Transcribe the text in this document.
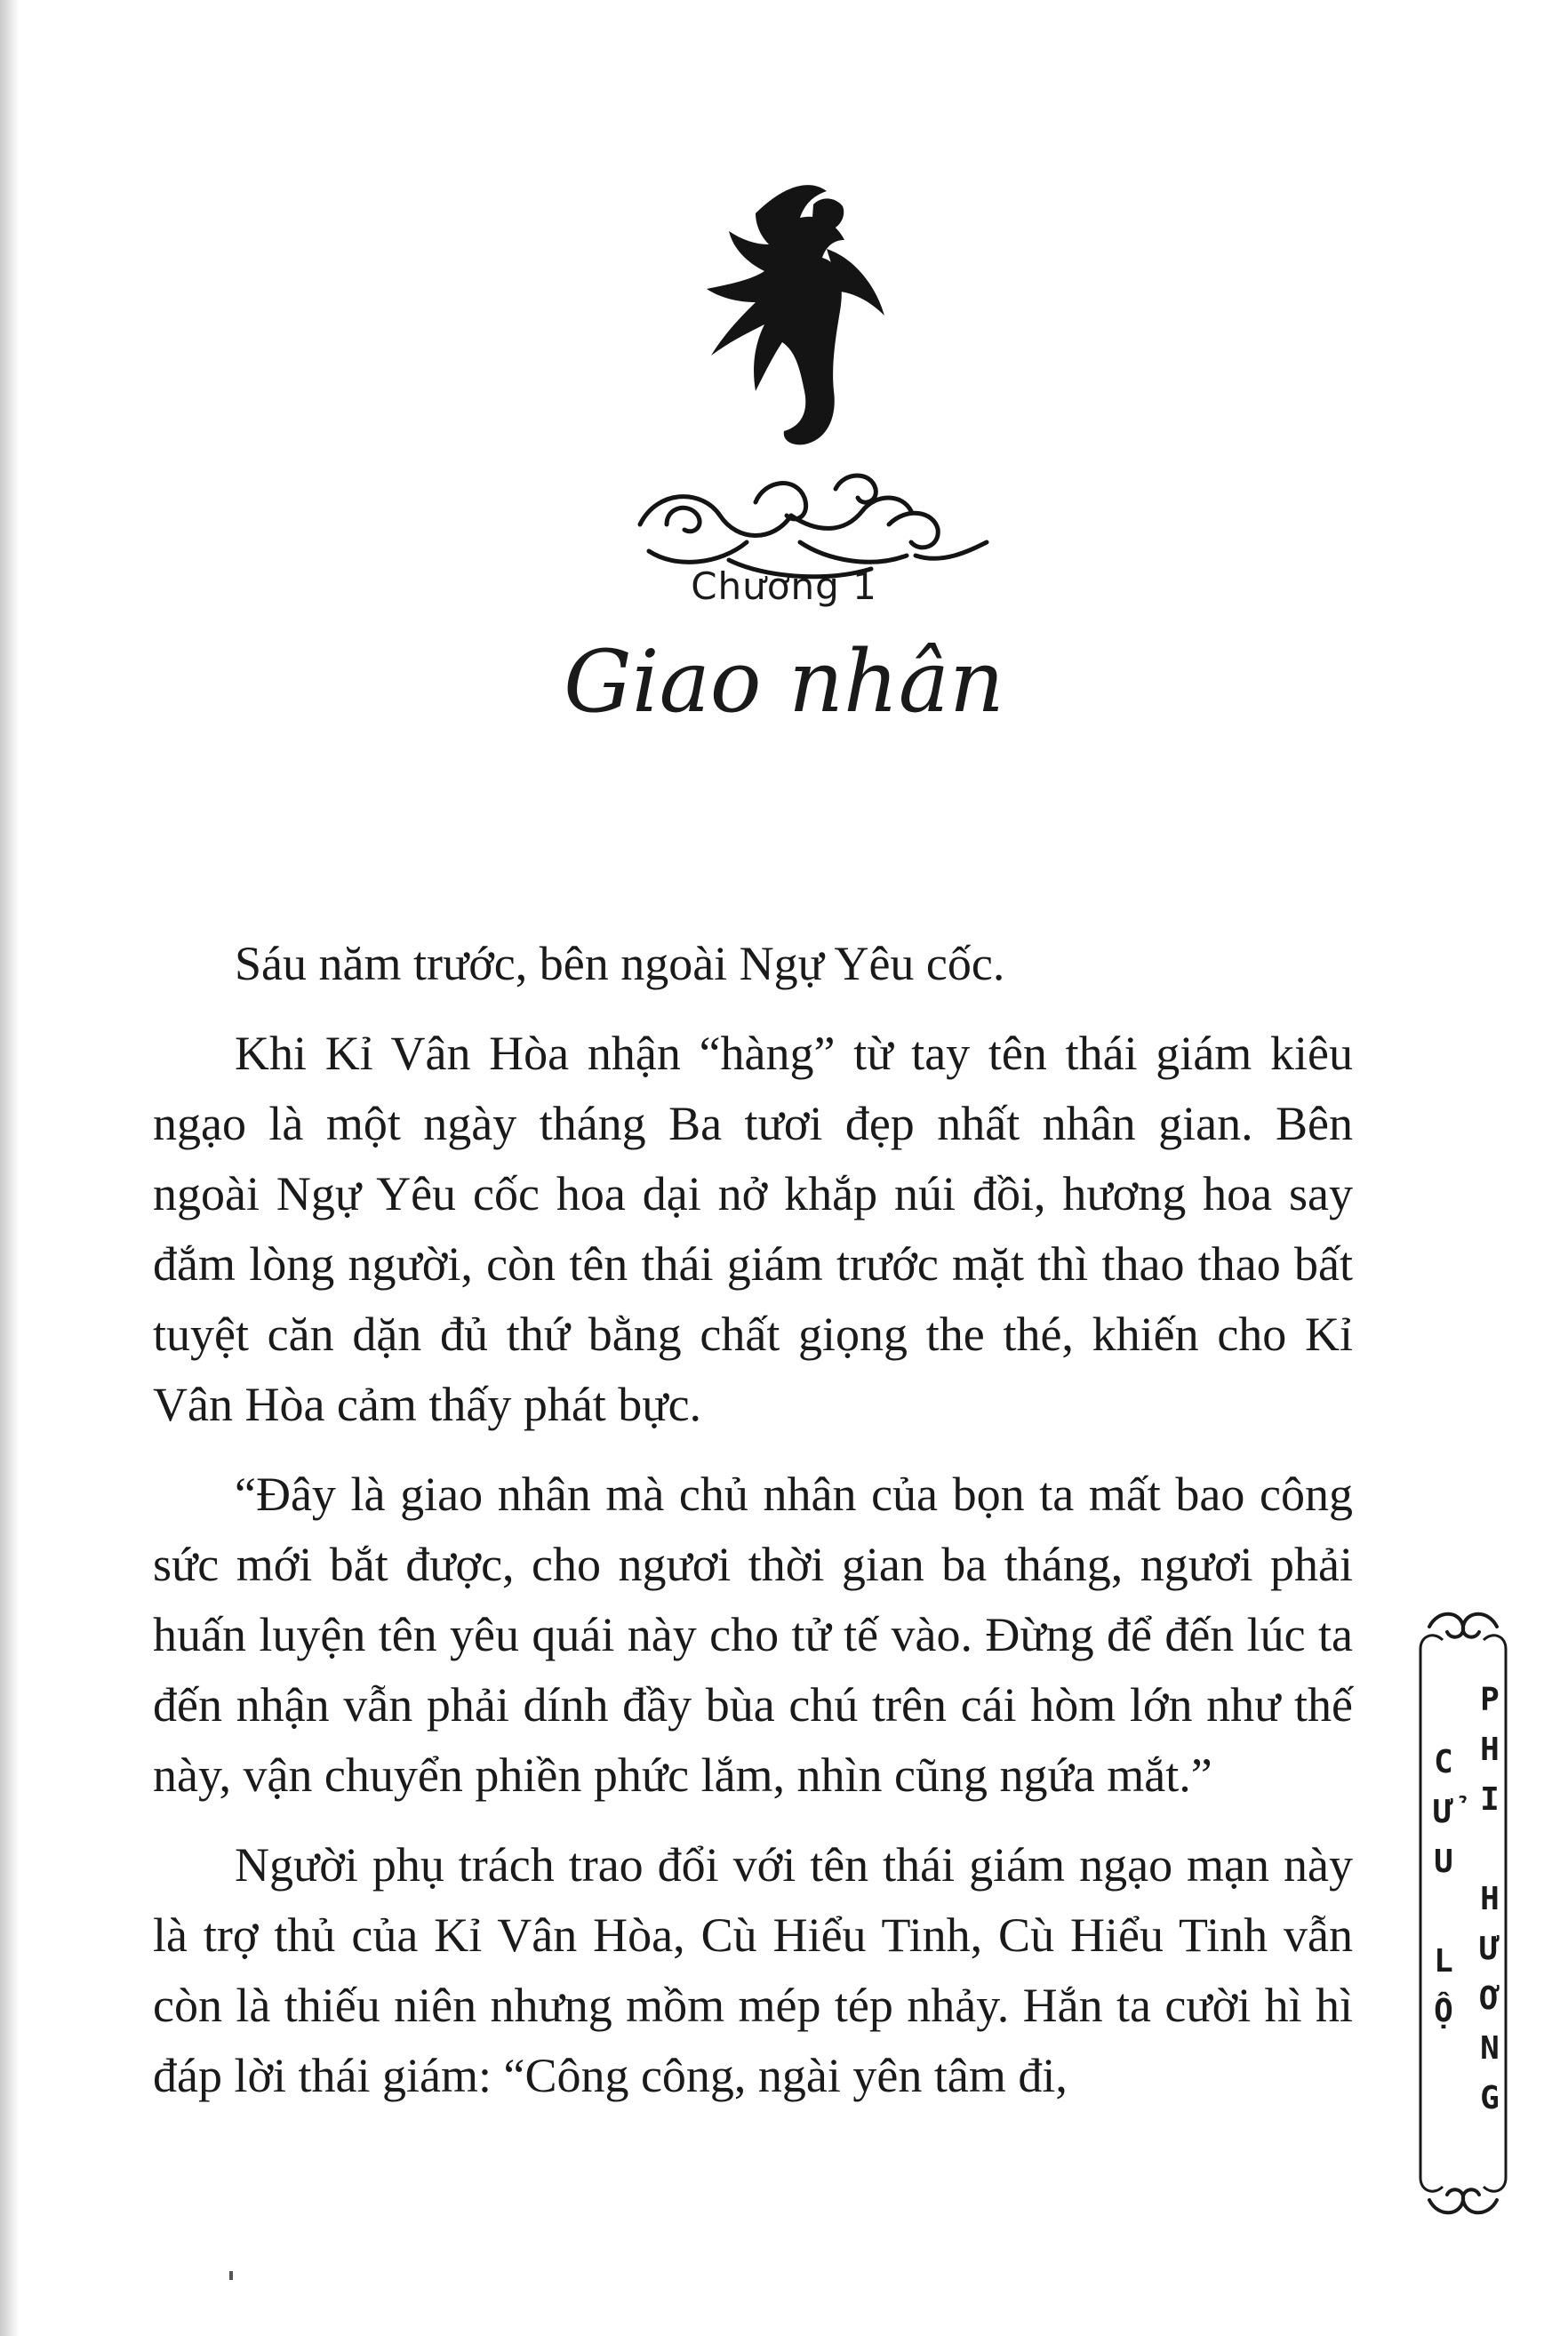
Chương 1
Giao nhân

Sáu năm trước, bên ngoài Ngự Yêu cốc.

Khi Kỉ Vân Hòa nhận “hàng” từ tay tên thái giám kiêu ngạo là một ngày tháng Ba tươi đẹp nhất nhân gian. Bên ngoài Ngự Yêu cốc hoa dại nở khắp núi đồi, hương hoa say đắm lòng người, còn tên thái giám trước mặt thì thao thao bất tuyệt căn dặn đủ thứ bằng chất giọng the thé, khiến cho Kỉ Vân Hòa cảm thấy phát bực.

“Đây là giao nhân mà chủ nhân của bọn ta mất bao công sức mới bắt được, cho ngươi thời gian ba tháng, ngươi phải huấn luyện tên yêu quái này cho tử tế vào. Đừng để đến lúc ta đến nhận vẫn phải dính đầy bùa chú trên cái hòm lớn như thế này, vận chuyển phiền phức lắm, nhìn cũng ngứa mắt.”

Người phụ trách trao đổi với tên thái giám ngạo mạn này là trợ thủ của Kỉ Vân Hòa, Cù Hiểu Tinh, Cù Hiểu Tinh vẫn còn là thiếu niên nhưng mồm mép tép nhảy. Hắn ta cười hì hì đáp lời thái giám: “Công công, ngài yên tâm đi,

C
Ử
U
L
Ộ
P
H
I
H
Ư
Ơ
N
G
